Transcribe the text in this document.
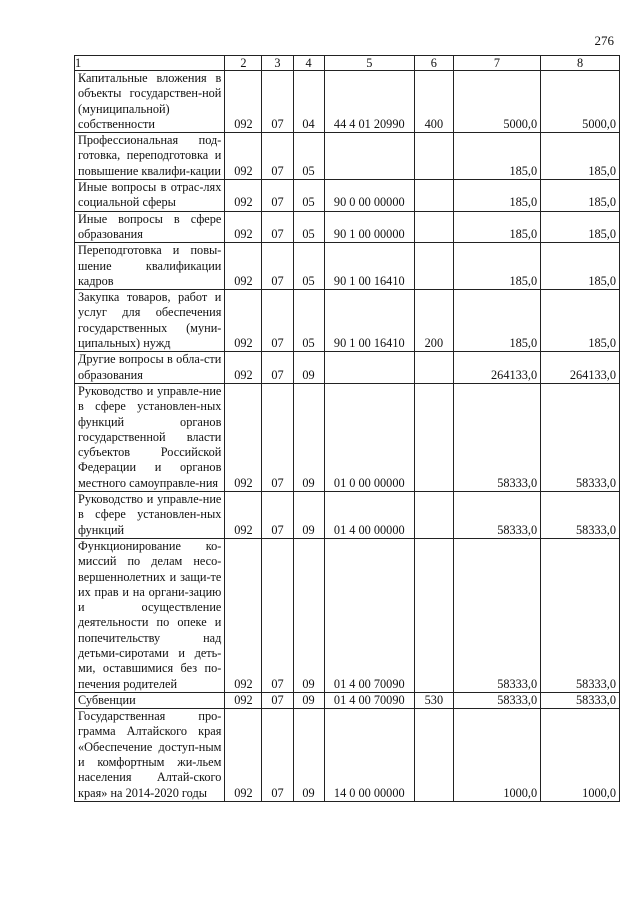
276
1	2	3	4	5	6	7	8
Капитальные вложения в объекты государствен-ной (муниципальной) собственности	092	07	04	44 4 01 20990	400	5000,0	5000,0
Профессиональная под-готовка, переподготовка и повышение квалифи-кации	092	07	05			185,0	185,0
Иные вопросы в отрас-лях социальной сферы	092	07	05	90 0 00 00000		185,0	185,0
Иные вопросы в сфере образования	092	07	05	90 1 00 00000		185,0	185,0
Переподготовка и повы-шение квалификации кадров	092	07	05	90 1 00 16410		185,0	185,0
Закупка товаров, работ и услуг для обеспечения государственных (муни-ципальных) нужд	092	07	05	90 1 00 16410	200	185,0	185,0
Другие вопросы в обла-сти образования	092	07	09			264133,0	264133,0
Руководство и управле-ние в сфере установлен-ных функций органов государственной власти субъектов Российской Федерации и органов местного самоуправле-ния	092	07	09	01 0 00 00000		58333,0	58333,0
Руководство и управле-ние в сфере установлен-ных функций	092	07	09	01 4 00 00000		58333,0	58333,0
Функционирование ко-миссий по делам несо-вершеннолетних и защи-те их прав и на органи-зацию и осуществление деятельности по опеке и попечительству над детьми-сиротами и деть-ми, оставшимися без по-печения родителей	092	07	09	01 4 00 70090		58333,0	58333,0
Субвенции	092	07	09	01 4 00 70090	530	58333,0	58333,0
Государственная про-грамма Алтайского края «Обеспечение доступ-ным и комфортным жи-льем населения Алтай-ского края» на 2014-2020 годы	092	07	09	14 0 00 00000		1000,0	1000,0
